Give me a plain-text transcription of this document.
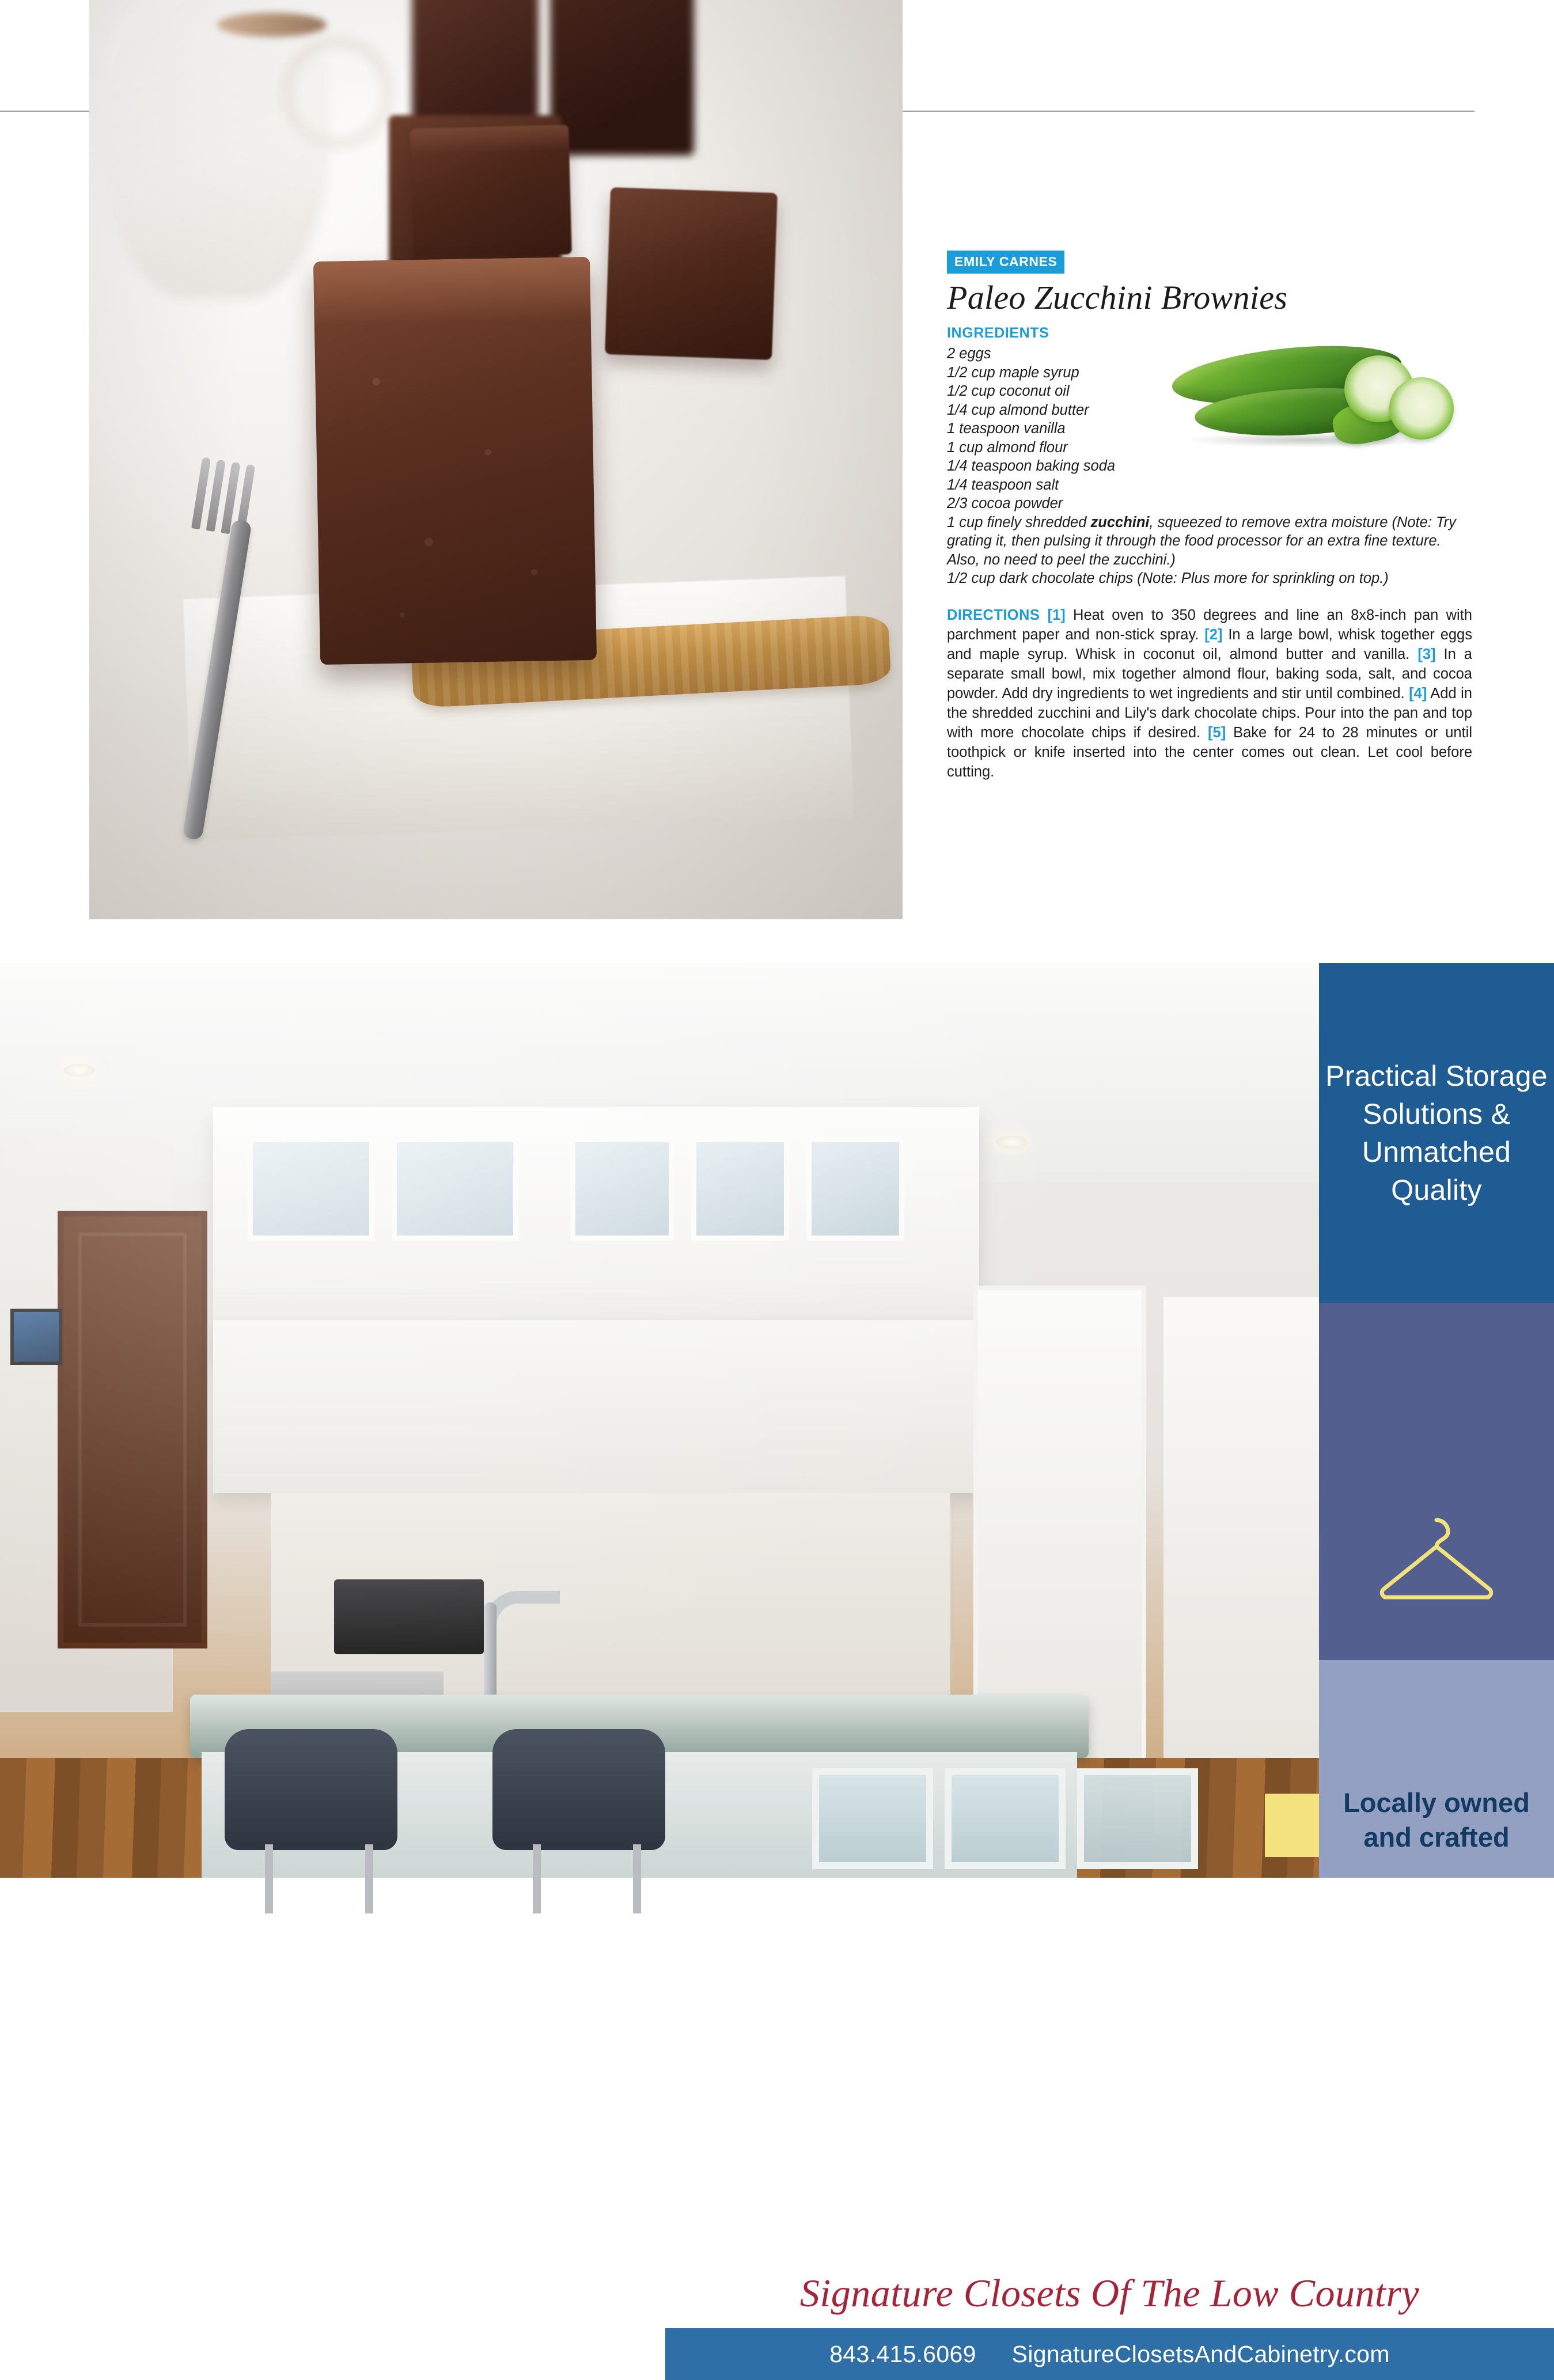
EMILY CARNES
Paleo Zucchini Brownies
INGREDIENTS
2 eggs
1/2 cup maple syrup
1/2 cup coconut oil
1/4 cup almond butter
1 teaspoon vanilla
1 cup almond flour
1/4 teaspoon baking soda
1/4 teaspoon salt
2/3 cocoa powder
1 cup finely shredded zucchini, squeezed to remove extra moisture (Note: Try grating it, then pulsing it through the food processor for an extra fine texture. Also, no need to peel the zucchini.)
1/2 cup dark chocolate chips (Note: Plus more for sprinkling on top.)
DIRECTIONS [1] Heat oven to 350 degrees and line an 8x8-inch pan with parchment paper and non-stick spray. [2] In a large bowl, whisk together eggs and maple syrup. Whisk in coconut oil, almond butter and vanilla. [3] In a separate small bowl, mix together almond flour, baking soda, salt, and cocoa powder. Add dry ingredients to wet ingredients and stir until combined. [4] Add in the shredded zucchini and Lily's dark chocolate chips. Pour into the pan and top with more chocolate chips if desired. [5] Bake for 24 to 28 minutes or until toothpick or knife inserted into the center comes out clean. Let cool before cutting.
Practical Storage Solutions & Unmatched Quality
Locally owned and crafted
Signature Closets Of The Low Country
843.415.6069 SignatureClosetsAndCabinetry.com
